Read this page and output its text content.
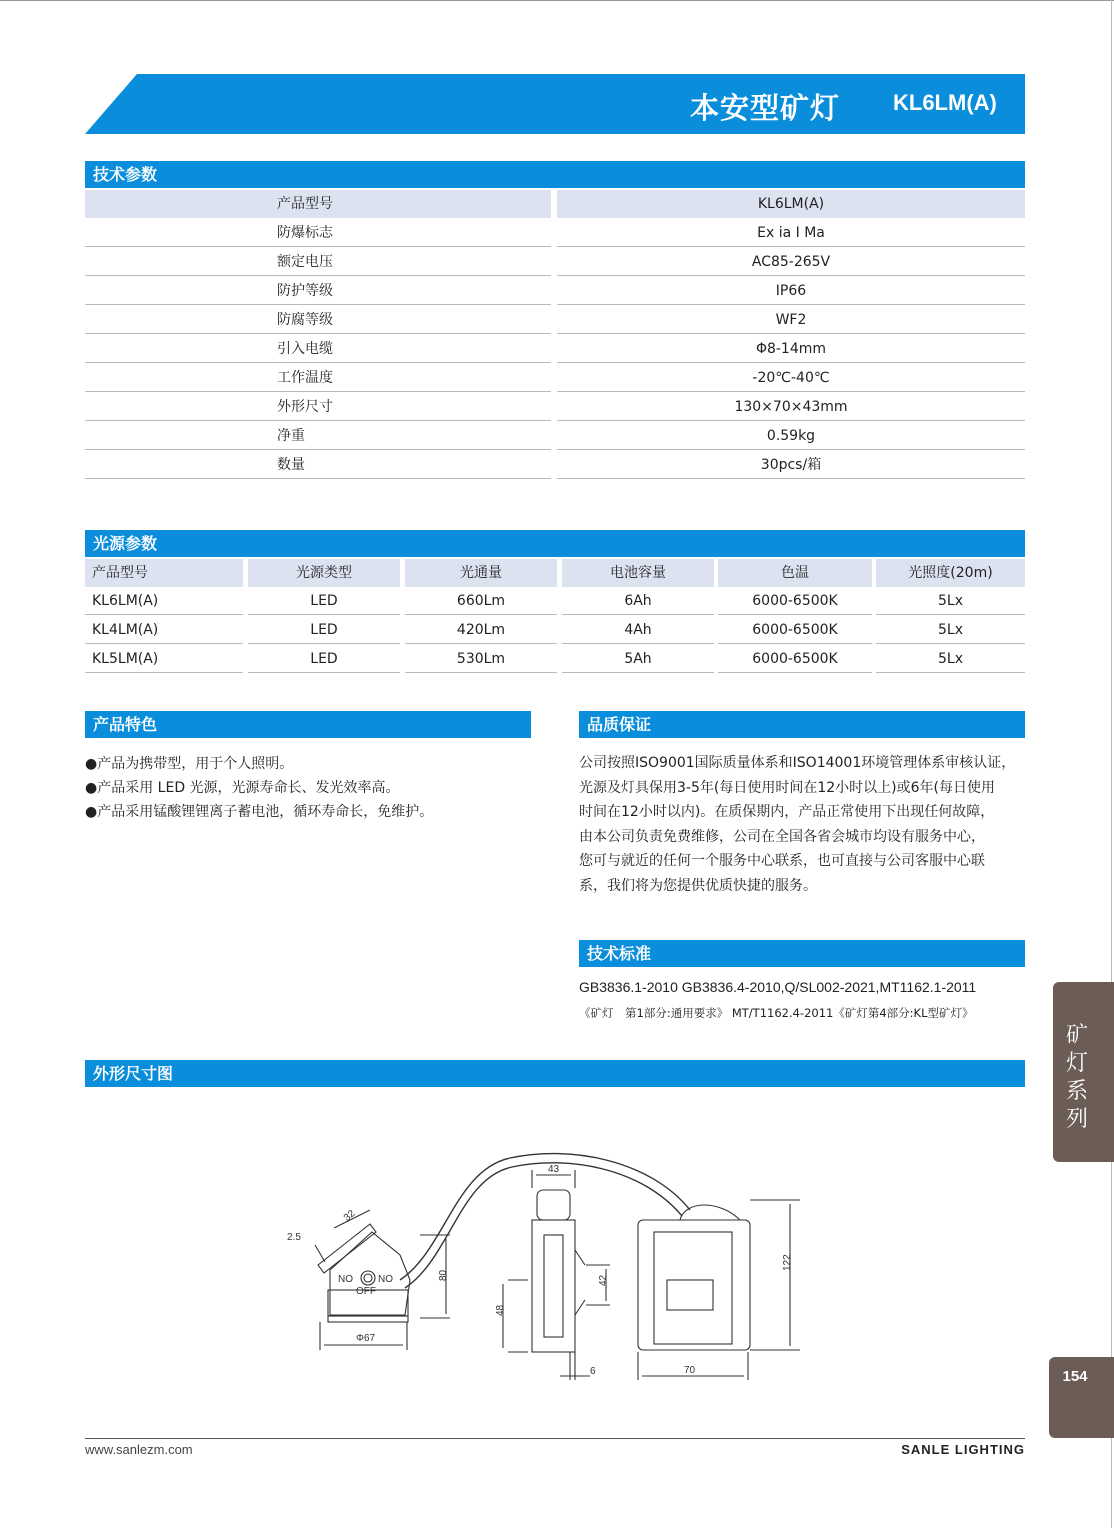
本安型矿灯 KL6LM(A)
技术参数
产品型号	KL6LM(A)
防爆标志	Ex ia I Ma
额定电压	AC85-265V
防护等级	IP66
防腐等级	WF2
引入电缆	Φ8-14mm
工作温度	-20℃-40℃
外形尺寸	130×70×43mm
净重	0.59kg
数量	30pcs/箱
光源参数
产品型号	光源类型	光通量	电池容量	色温	光照度(20m)
KL6LM(A)	LED	660Lm	6Ah	6000-6500K	5Lx
KL4LM(A)	LED	420Lm	4Ah	6000-6500K	5Lx
KL5LM(A)	LED	530Lm	5Ah	6000-6500K	5Lx
产品特色
●产品为携带型，用于个人照明。
●产品采用 LED 光源，光源寿命长、发光效率高。
●产品采用锰酸锂锂离子蓄电池，循环寿命长，免维护。
品质保证
公司按照ISO9001国际质量体系和ISO14001环境管理体系审核认证，
光源及灯具保用3-5年(每日使用时间在12小时以上)或6年(每日使用
时间在12小时以内)。在质保期内，产品正常使用下出现任何故障，
由本公司负责免费维修，公司在全国各省会城市均设有服务中心，
您可与就近的任何一个服务中心联系，也可直接与公司客服中心联
系，我们将为您提供优质快捷的服务。
技术标准
GB3836.1-2010 GB3836.4-2010,Q/SL002-2021,MT1162.1-2011
《矿灯　第1部分:通用要求》 MT/T1162.4-2011《矿灯第4部分:KL型矿灯》
外形尺寸图
2.5
32
80
Φ67
NO	NO
OFF
43
42
48
6
122
70
矿
灯
系
列
154
www.sanlezm.com	SANLE LIGHTING
